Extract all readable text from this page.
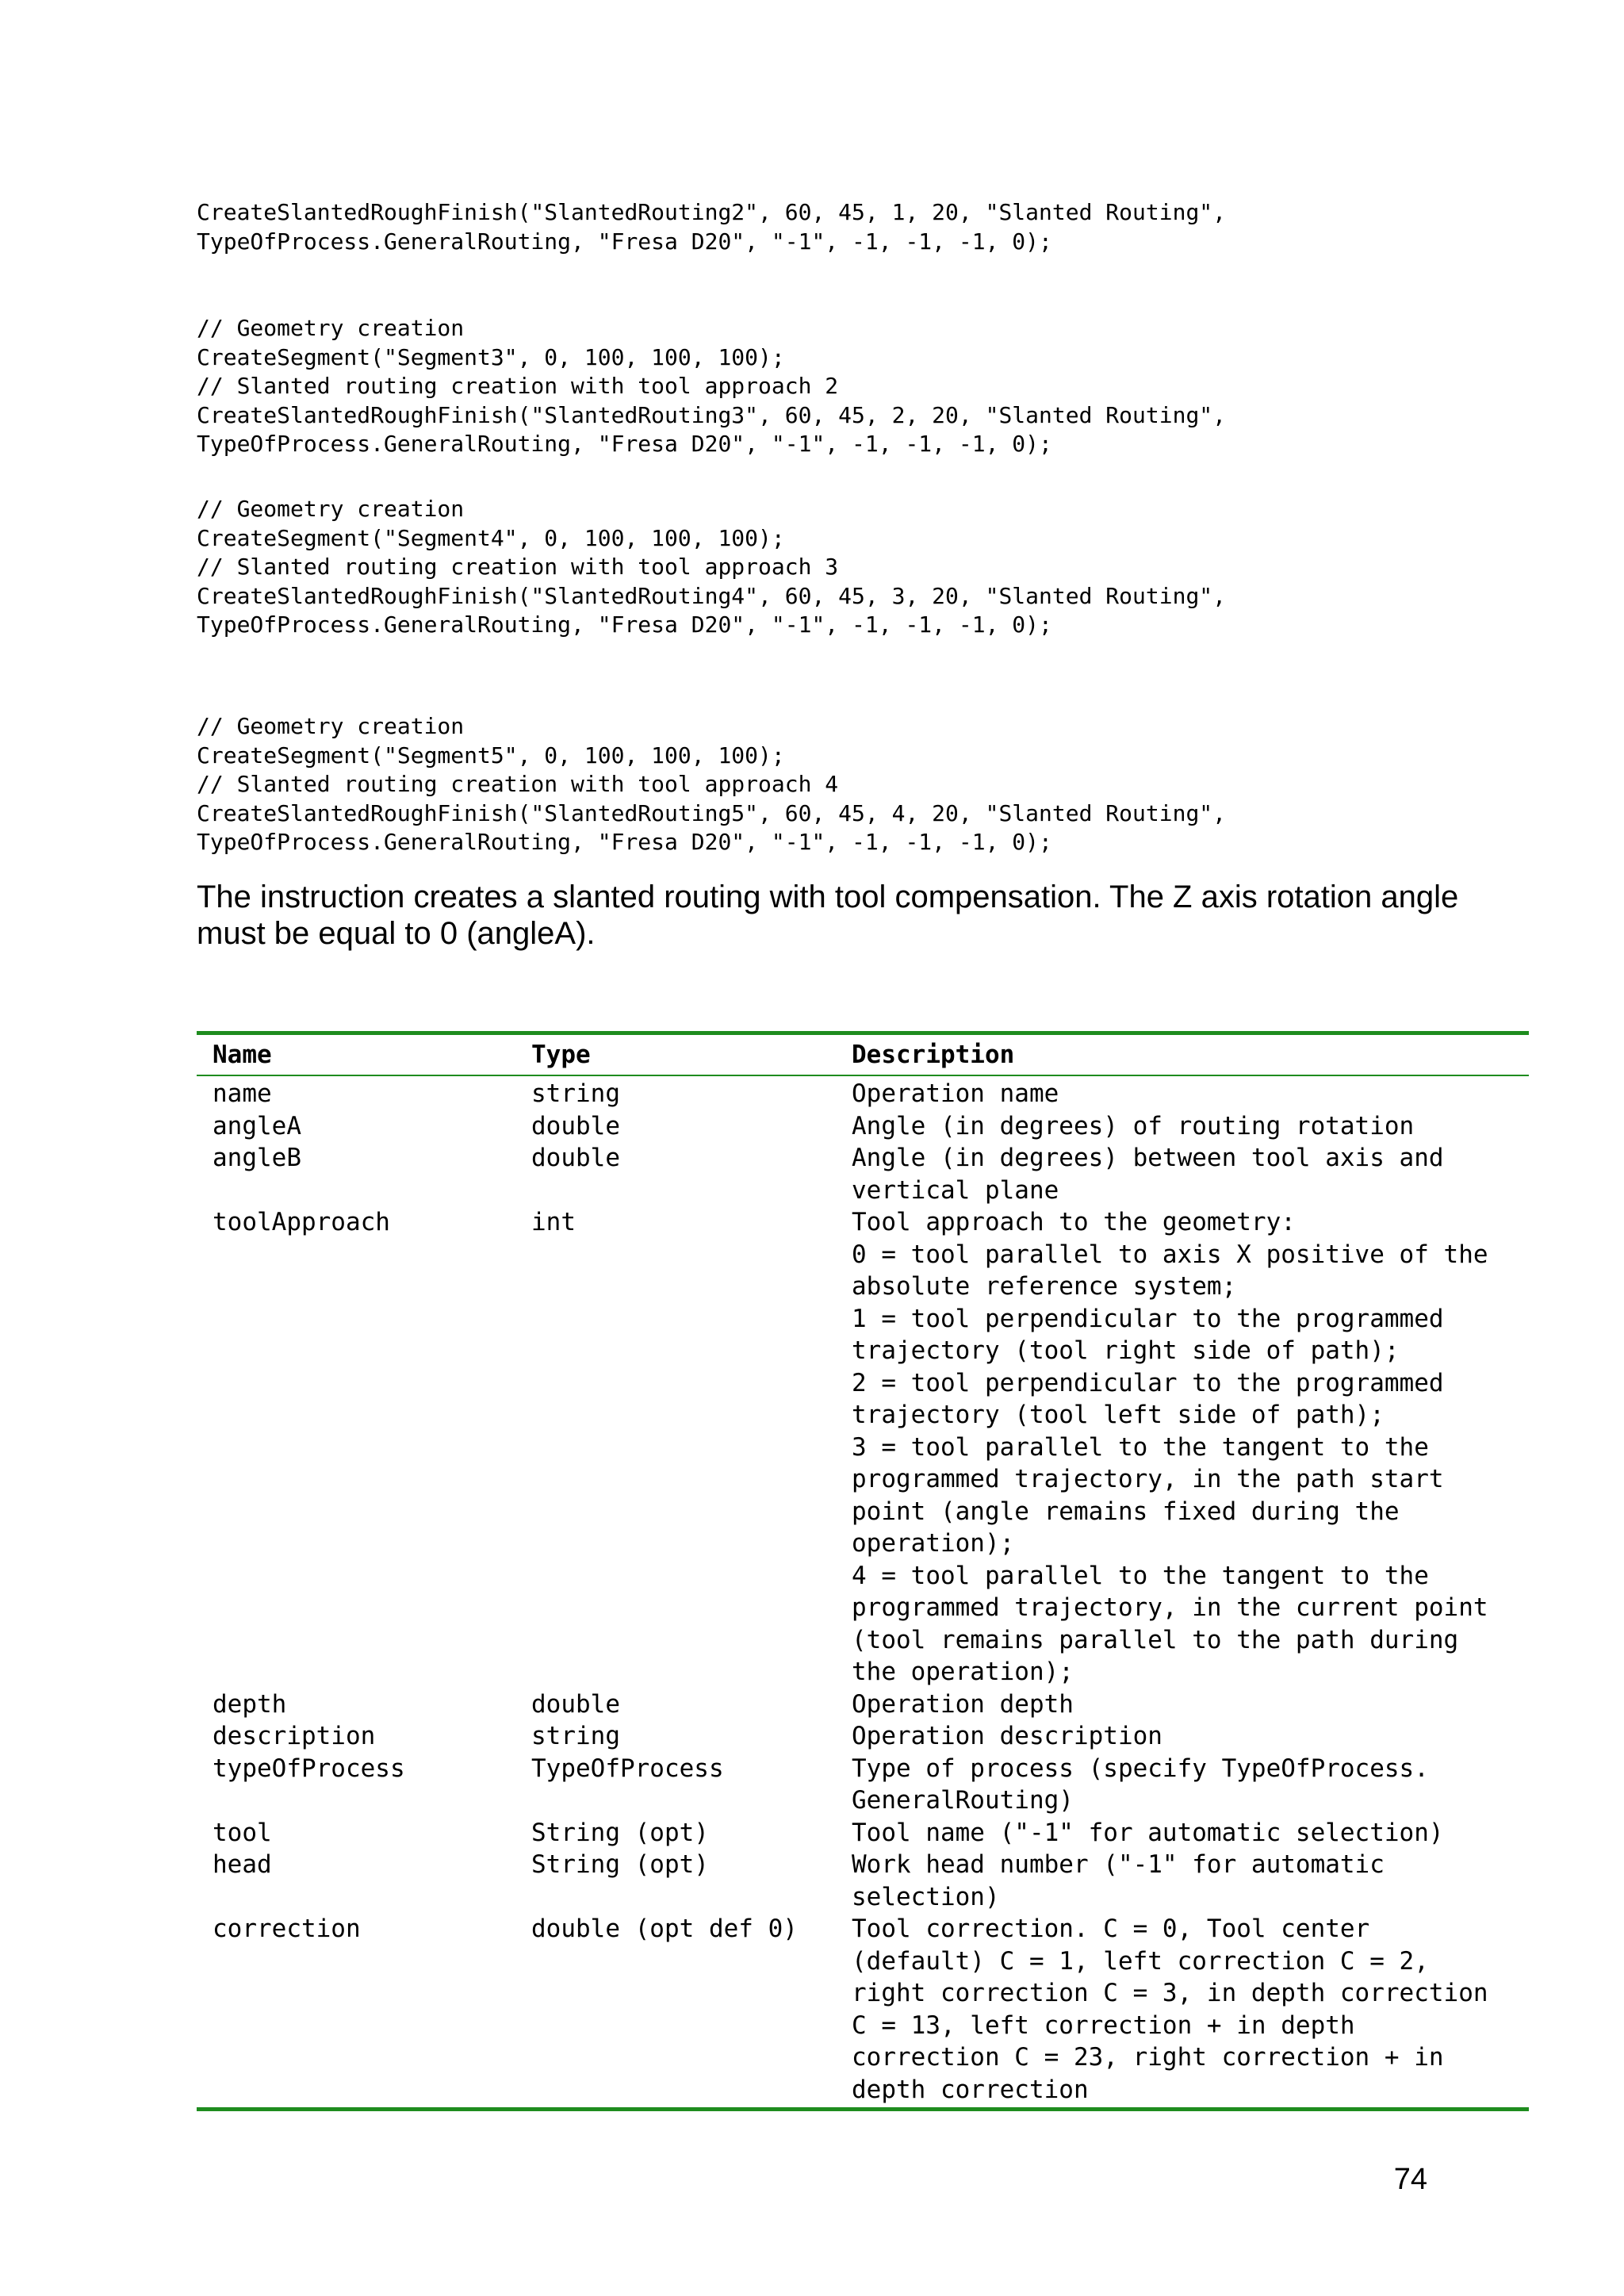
CreateSlantedRoughFinish("SlantedRouting2", 60, 45, 1, 20, "Slanted Routing",
TypeOfProcess.GeneralRouting, "Fresa D20", "-1", -1, -1, -1, 0);
// Geometry creation
CreateSegment("Segment3", 0, 100, 100, 100);
// Slanted routing creation with tool approach 2
CreateSlantedRoughFinish("SlantedRouting3", 60, 45, 2, 20, "Slanted Routing",
TypeOfProcess.GeneralRouting, "Fresa D20", "-1", -1, -1, -1, 0);
// Geometry creation
CreateSegment("Segment4", 0, 100, 100, 100);
// Slanted routing creation with tool approach 3
CreateSlantedRoughFinish("SlantedRouting4", 60, 45, 3, 20, "Slanted Routing",
TypeOfProcess.GeneralRouting, "Fresa D20", "-1", -1, -1, -1, 0);
// Geometry creation
CreateSegment("Segment5", 0, 100, 100, 100);
// Slanted routing creation with tool approach 4
CreateSlantedRoughFinish("SlantedRouting5", 60, 45, 4, 20, "Slanted Routing",
TypeOfProcess.GeneralRouting, "Fresa D20", "-1", -1, -1, -1, 0);

The instruction creates a slanted routing with tool compensation. The Z axis rotation angle must be equal to 0 (angleA).

Name	Type	Description
name	string	Operation name
angleA	double	Angle (in degrees) of routing rotation
angleB	double	Angle (in degrees) between tool axis and
vertical plane
toolApproach	int	Tool approach to the geometry:
0 = tool parallel to axis X positive of the
absolute reference system;
1 = tool perpendicular to the programmed
trajectory (tool right side of path);
2 = tool perpendicular to the programmed
trajectory (tool left side of path);
3 = tool parallel to the tangent to the
programmed trajectory, in the path start
point (angle remains fixed during the
operation);
4 = tool parallel to the tangent to the
programmed trajectory, in the current point
(tool remains parallel to the path during
the operation);
depth	double	Operation depth
description	string	Operation description
typeOfProcess	TypeOfProcess	Type of process (specify TypeOfProcess.
GeneralRouting)
tool	String (opt)	Tool name ("-1" for automatic selection)
head	String (opt)	Work head number ("-1" for automatic
selection)
correction	double (opt def 0)	Tool correction. C = 0, Tool center
(default) C = 1, left correction C = 2,
right correction C = 3, in depth correction
C = 13, left correction + in depth
correction C = 23, right correction + in
depth correction
74
